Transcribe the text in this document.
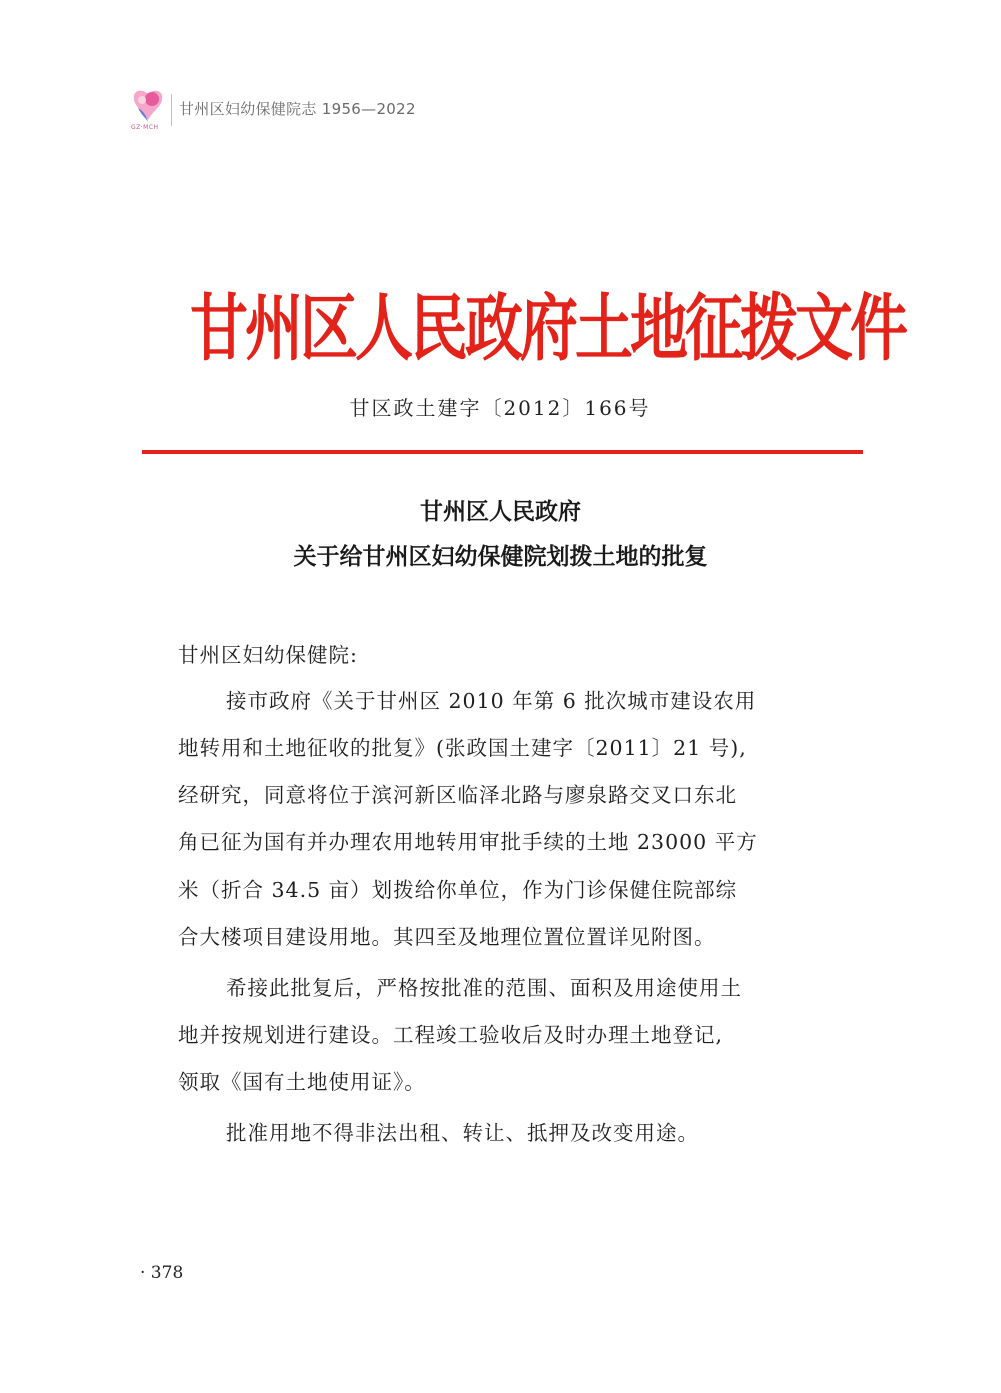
GZ·MCH
甘州区妇幼保健院志 1956—2022
甘州区人民政府土地征拨文件
甘区政土建字〔2012〕166号
甘州区人民政府
关于给甘州区妇幼保健院划拨土地的批复
甘州区妇幼保健院:
接市政府《关于甘州区 2010 年第 6 批次城市建设农用
地转用和土地征收的批复》(张政国土建字〔2011〕21 号),
经研究，同意将位于滨河新区临泽北路与廖泉路交叉口东北
角已征为国有并办理农用地转用审批手续的土地 23000 平方
米（折合 34.5 亩）划拨给你单位，作为门诊保健住院部综
合大楼项目建设用地。其四至及地理位置位置详见附图。
希接此批复后，严格按批准的范围、面积及用途使用土
地并按规划进行建设。工程竣工验收后及时办理土地登记,
领取《国有土地使用证》。
批准用地不得非法出租、转让、抵押及改变用途。
· 378
